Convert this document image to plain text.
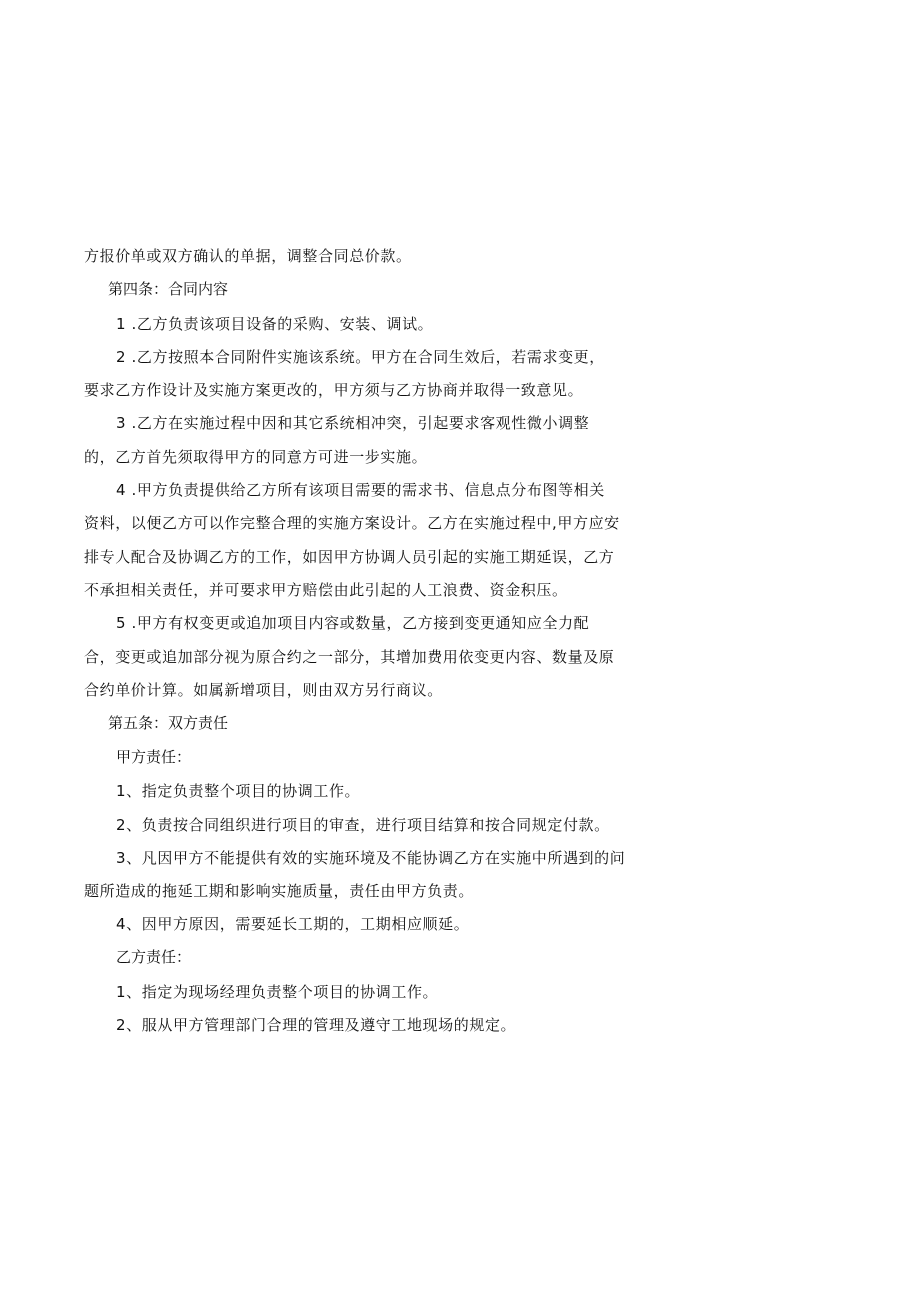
方报价单或双方确认的单据，调整合同总价款。
第四条：合同内容
1 .乙方负责该项目设备的采购、安装、调试。
2 .乙方按照本合同附件实施该系统。甲方在合同生效后，若需求变更，
要求乙方作设计及实施方案更改的，甲方须与乙方协商并取得一致意见。
3 .乙方在实施过程中因和其它系统相冲突，引起要求客观性微小调整
的，乙方首先须取得甲方的同意方可进一步实施。
4 .甲方负责提供给乙方所有该项目需要的需求书、信息点分布图等相关
资料，以便乙方可以作完整合理的实施方案设计。乙方在实施过程中,甲方应安
排专人配合及协调乙方的工作，如因甲方协调人员引起的实施工期延误，乙方
不承担相关责任，并可要求甲方赔偿由此引起的人工浪费、资金积压。
5 .甲方有权变更或追加项目内容或数量，乙方接到变更通知应全力配
合，变更或追加部分视为原合约之一部分，其增加费用依变更内容、数量及原
合约单价计算。如属新增项目，则由双方另行商议。
第五条：双方责任
甲方责任：
1、指定负责整个项目的协调工作。
2、负责按合同组织进行项目的审查，进行项目结算和按合同规定付款。
3、凡因甲方不能提供有效的实施环境及不能协调乙方在实施中所遇到的问
题所造成的拖延工期和影响实施质量，责任由甲方负责。
4、因甲方原因，需要延长工期的，工期相应顺延。
乙方责任：
1、指定为现场经理负责整个项目的协调工作。
2、服从甲方管理部门合理的管理及遵守工地现场的规定。
